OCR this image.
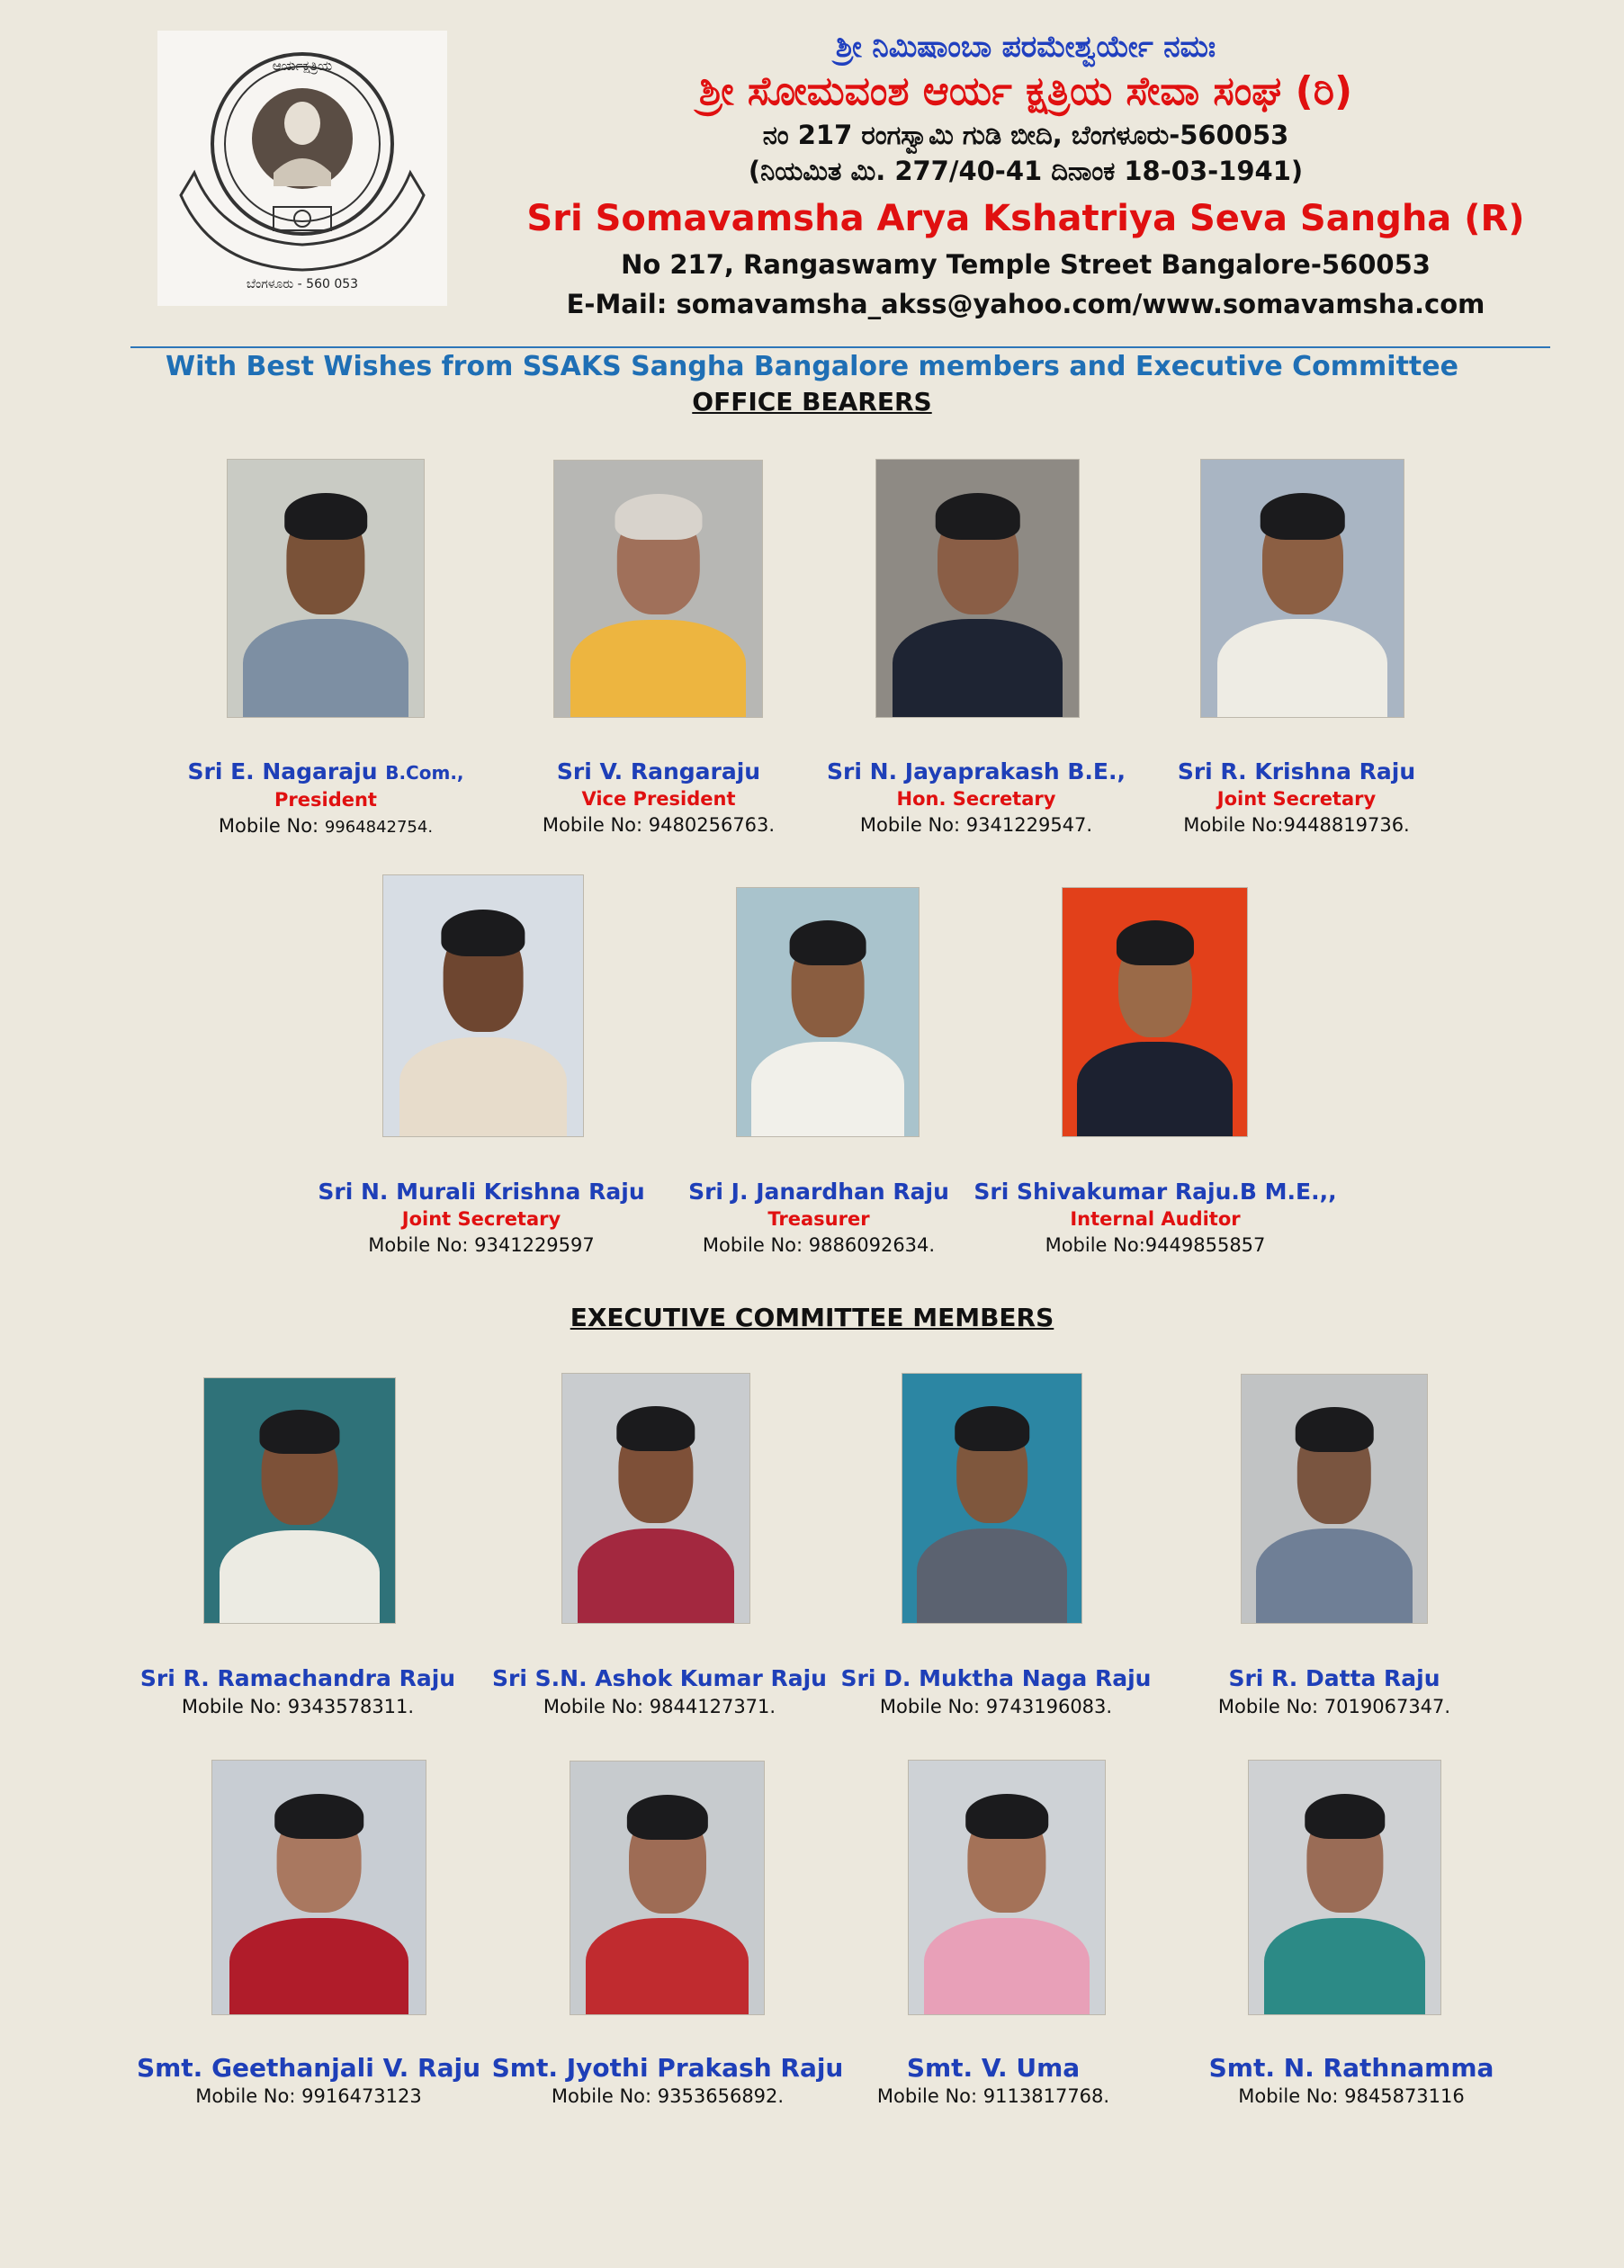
ಆರ್ಯಕ್ಷತ್ರಿಯ
ಬೆಂಗಳೂರು - 560 053
ಶ್ರೀ ನಿಮಿಷಾಂಬಾ ಪರಮೇಶ್ವರ್ಯೇ ನಮಃ
ಶ್ರೀ ಸೋಮವಂಶ ಆರ್ಯ ಕ್ಷತ್ರಿಯ ಸೇವಾ ಸಂಘ (ರಿ)
ನಂ 217 ರಂಗಸ್ವಾಮಿ ಗುಡಿ ಬೀದಿ, ಬೆಂಗಳೂರು-560053
(ನಿಯಮಿತ ಮಿ. 277/40-41 ದಿನಾಂಕ 18-03-1941)
Sri Somavamsha Arya Kshatriya Seva Sangha (R)
No 217, Rangaswamy Temple Street Bangalore-560053
E-Mail: somavamsha_akss@yahoo.com/www.somavamsha.com
With Best Wishes from SSAKS Sangha Bangalore members and Executive Committee
OFFICE BEARERS
Sri E. Nagaraju B.Com.,
President
Mobile No: 9964842754.
Sri V. Rangaraju
Vice President
Mobile No: 9480256763.
Sri N. Jayaprakash B.E.,
Hon. Secretary
Mobile No: 9341229547.
Sri R. Krishna Raju
Joint Secretary
Mobile No:9448819736.
Sri N. Murali Krishna Raju
Joint Secretary
Mobile No: 9341229597
Sri J. Janardhan Raju
Treasurer
Mobile No: 9886092634.
Sri Shivakumar Raju.B M.E.,,
Internal Auditor
Mobile No:9449855857
EXECUTIVE COMMITTEE MEMBERS
Sri R. Ramachandra Raju
Mobile No: 9343578311.
Sri S.N. Ashok Kumar Raju
Mobile No: 9844127371.
Sri D. Muktha Naga Raju
Mobile No: 9743196083.
Sri R. Datta Raju
Mobile No: 7019067347.
Smt. Geethanjali V. Raju
Mobile No: 9916473123
Smt. Jyothi Prakash Raju
Mobile No: 9353656892.
Smt. V. Uma
Mobile No: 9113817768.
Smt. N. Rathnamma
Mobile No: 9845873116
